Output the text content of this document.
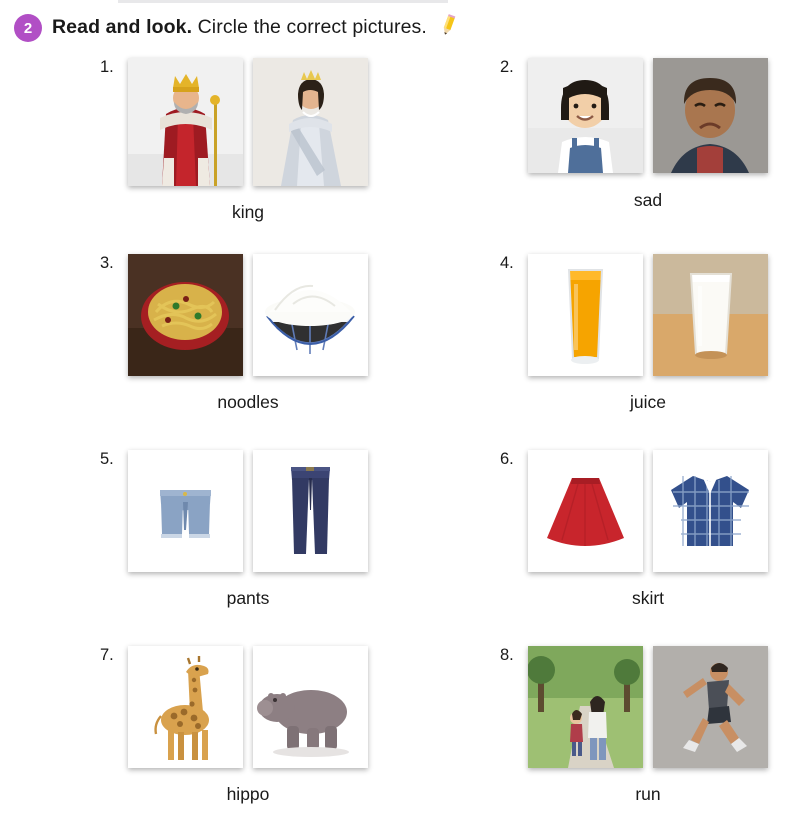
2	Read and look. Circle the correct pictures.
1.
king
2.
sad
3.
noodles
4.
juice
5.
pants
6.
skirt
7.
hippo
8.
run
